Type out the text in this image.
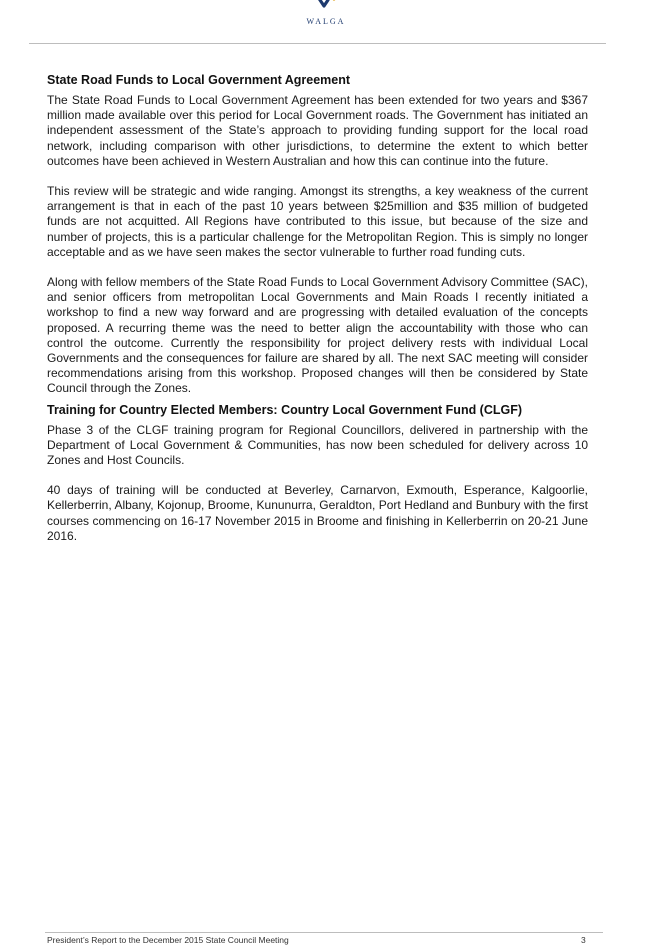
WALGA
State Road Funds to Local Government Agreement

The State Road Funds to Local Government Agreement has been extended for two years and $367 million made available over this period for Local Government roads. The Government has initiated an independent assessment of the State’s approach to providing funding support for the local road network, including comparison with other jurisdictions, to determine the extent to which better outcomes have been achieved in Western Australian and how this can continue into the future.

This review will be strategic and wide ranging. Amongst its strengths, a key weakness of the current arrangement is that in each of the past 10 years between $25million and $35 million of budgeted funds are not acquitted. All Regions have contributed to this issue, but because of the size and number of projects, this is a particular challenge for the Metropolitan Region. This is simply no longer acceptable and as we have seen makes the sector vulnerable to further road funding cuts.

Along with fellow members of the State Road Funds to Local Government Advisory Committee (SAC), and senior officers from metropolitan Local Governments and Main Roads I recently initiated a workshop to find a new way forward and are progressing with detailed evaluation of the concepts proposed. A recurring theme was the need to better align the accountability with those who can control the outcome. Currently the responsibility for project delivery rests with individual Local Governments and the consequences for failure are shared by all. The next SAC meeting will consider recommendations arising from this workshop. Proposed changes will then be considered by State Council through the Zones.

Training for Country Elected Members: Country Local Government Fund (CLGF)

Phase 3 of the CLGF training program for Regional Councillors, delivered in partnership with the Department of Local Government & Communities, has now been scheduled for delivery across 10 Zones and Host Councils.

40 days of training will be conducted at Beverley, Carnarvon, Exmouth, Esperance, Kalgoorlie, Kellerberrin, Albany, Kojonup, Broome, Kununurra, Geraldton, Port Hedland and Bunbury with the first courses commencing on 16-17 November 2015 in Broome and finishing in Kellerberrin on 20-21 June 2016.

President’s Report to the December 2015 State Council Meeting	3
